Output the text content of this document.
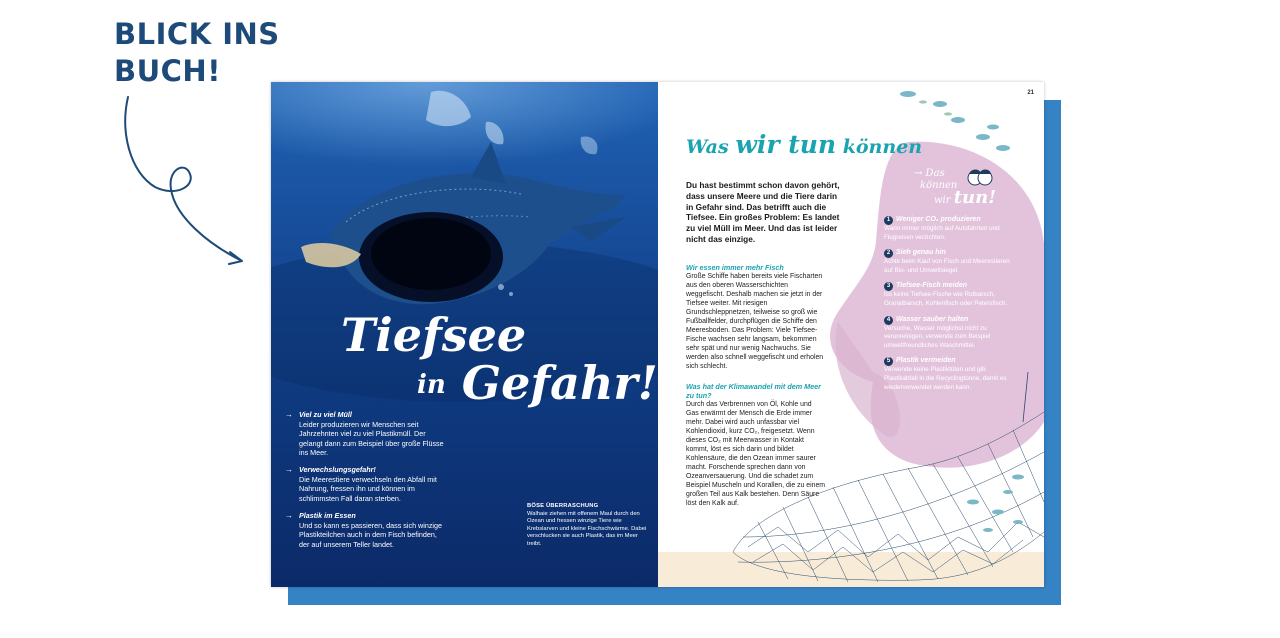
BLICK INS
BUCH!
Tiefsee
in Gefahr!
→ Viel zu viel Müll
Leider produzieren wir Menschen seit Jahrzehnten viel zu viel Plastikmüll. Der gelangt dann zum Beispiel über große Flüsse ins Meer.
→ Verwechslungsgefahr!
Die Meerestiere verwechseln den Abfall mit Nahrung, fressen ihn und können im schlimmsten Fall daran sterben.
→ Plastik im Essen
Und so kann es passieren, dass sich winzige Plastikteilchen auch in dem Fisch befinden, der auf unserem Teller landet.
BÖSE ÜBERRASCHUNG
Walhaie ziehen mit offenem Maul durch den Ozean und fressen winzige Tiere wie Krebslarven und kleine Fischschwärme. Dabei verschlucken sie auch Plastik, das im Meer treibt.
21
Was wir tun können
Du hast bestimmt schon davon gehört, dass unsere Meere und die Tiere darin in Gefahr sind. Das betrifft auch die Tiefsee. Ein großes Problem: Es landet zu viel Müll im Meer. Und das ist leider nicht das einzige.
Wir essen immer mehr Fisch
Große Schiffe haben bereits viele Fischarten aus den oberen Wasserschichten weggefischt. Deshalb machen sie jetzt in der Tiefsee weiter. Mit riesigen Grundschleppnetzen, teilweise so groß wie Fußballfelder, durchpflügen die Schiffe den Meeresboden. Das Problem: Viele Tiefsee-Fische wachsen sehr langsam, bekommen sehr spät und nur wenig Nachwuchs. Sie werden also schnell weggefischt und erholen sich schlecht.
Was hat der Klimawandel mit dem Meer zu tun?
Durch das Verbrennen von Öl, Kohle und Gas erwärmt der Mensch die Erde immer mehr. Dabei wird auch unfassbar viel Kohlendioxid, kurz CO₂, freigesetzt. Wenn dieses CO₂ mit Meerwasser in Kontakt kommt, löst es sich darin und bildet Kohlensäure, die den Ozean immer saurer macht. Forschende sprechen dann von Ozeanversauerung. Und die schadet zum Beispiel Muscheln und Korallen, die zu einem großen Teil aus Kalk bestehen. Denn Säure löst den Kalk auf.
→ Das
können
wir tun!
1 Weniger CO₂ produzieren
Wann immer möglich auf Autofahrten und Flugreisen verzichten.
2 Sieh genau hin
Achte beim Kauf von Fisch und Meerestieren auf Bio- und Umweltsiegel.
3 Tiefsee-Fisch meiden
Iss keine Tiefsee-Fische wie Rotbarsch, Granatbarsch, Kohlenfisch oder Petersfisch.
4 Wasser sauber halten
Versuche, Wasser möglichst nicht zu verunreinigen, verwende zum Beispiel umweltfreundliches Waschmittel.
5 Plastik vermeiden
Verwende keine Plastiktüten und gib Plastikabfall in die Recyclingtonne, damit es wiederverwendet werden kann.
